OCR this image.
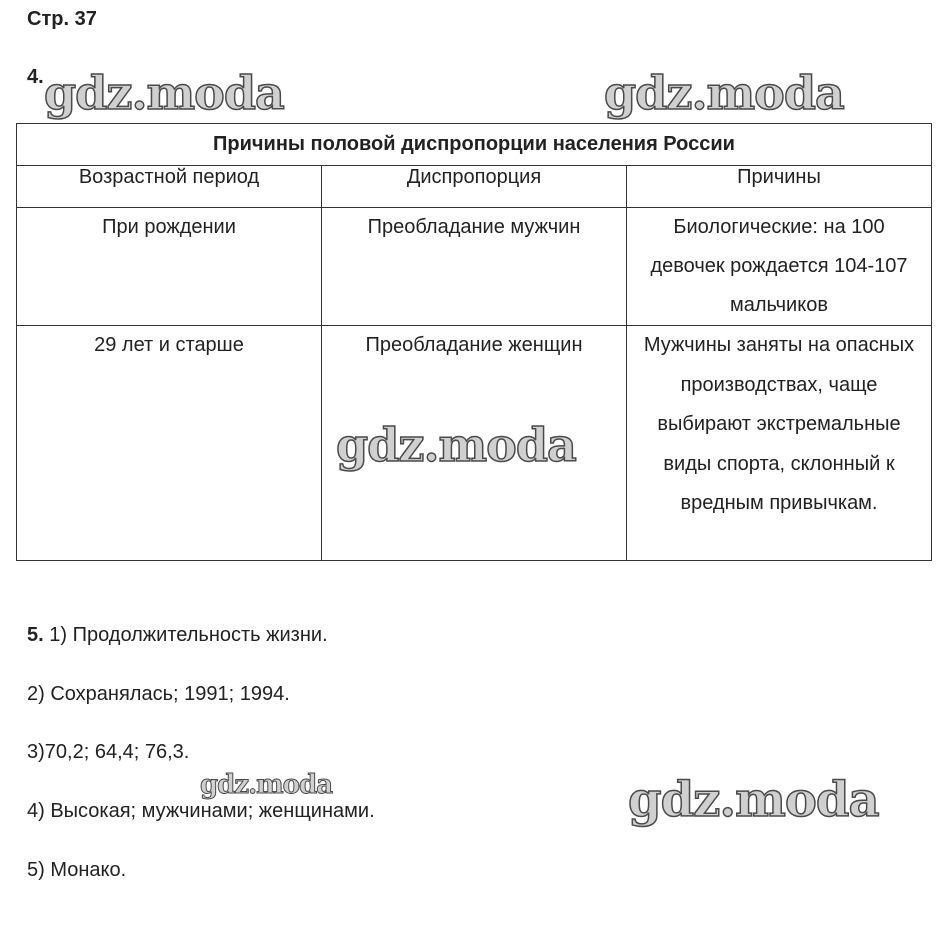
Стр. 37
4. gdz.moda	gdz.moda
Причины половой диспропорции населения России		
Возрастной период	Диспропорция	Причины
При рождении	Преобладание мужчин	Биологические: на 100 девочек рождается 104-107 мальчиков
29 лет и старше	Преобладание женщин	Мужчины заняты на опасных производствах, чаще выбирают экстремальные виды спорта, склонный к вредным привычкам.
gdz.moda
5. 1) Продолжительность жизни.
2) Сохранялась; 1991; 1994.
3)70,2; 64,4; 76,3.
4) Высокая; мужчинами; женщинами.
5) Монако.
gdz.moda	gdz.moda
